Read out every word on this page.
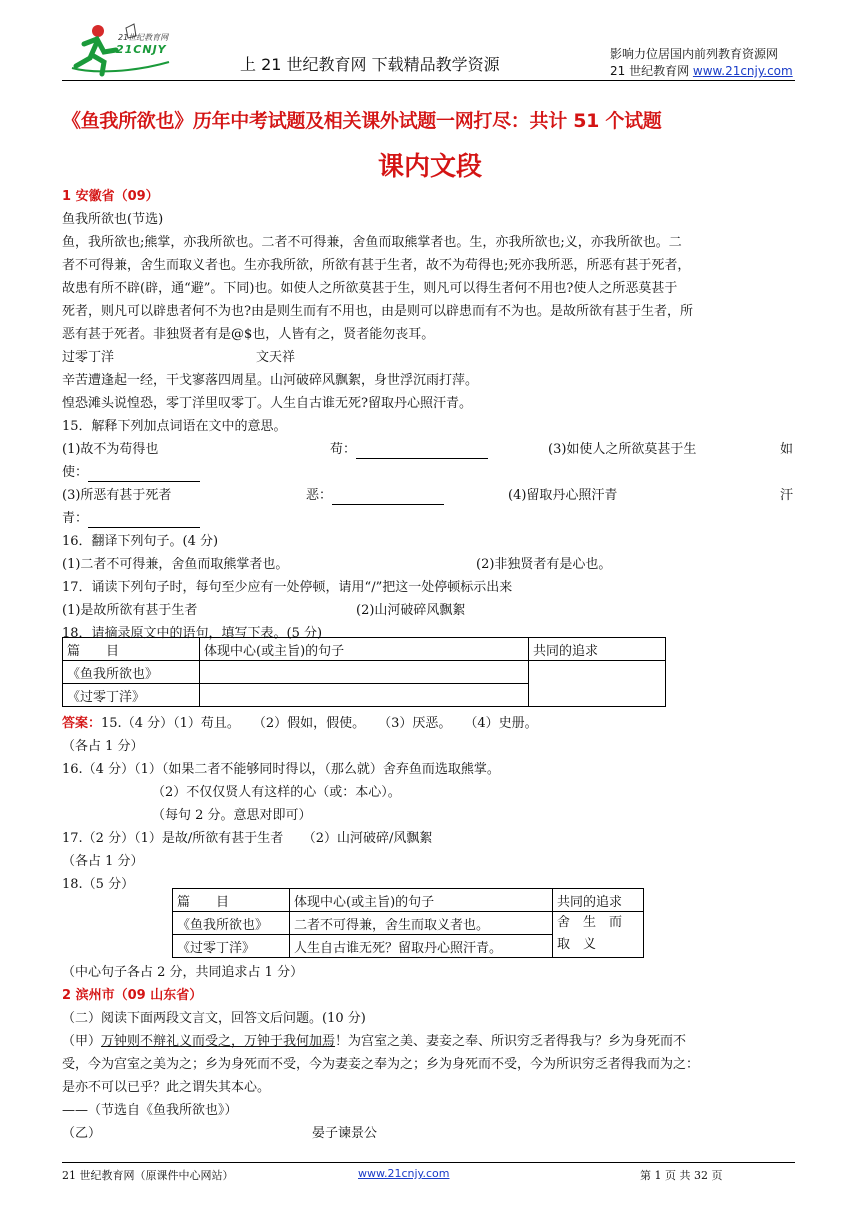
21世纪教育网
21CNJY
上 21 世纪教育网 下载精品教学资源
影响力位居国内前列教育资源网
21 世纪教育网 www.21cnjy.com
《鱼我所欲也》历年中考试题及相关课外试题一网打尽：共计 51 个试题
课内文段
1 安徽省（09）
鱼我所欲也(节选)
鱼，我所欲也;熊掌，亦我所欲也。二者不可得兼，舍鱼而取熊掌者也。生，亦我所欲也;义，亦我所欲也。二
者不可得兼，舍生而取义者也。生亦我所欲，所欲有甚于生者，故不为苟得也;死亦我所恶，所恶有甚于死者，
故患有所不辟(辟，通“避”。下同)也。如使人之所欲莫甚于生，则凡可以得生者何不用也?使人之所恶莫甚于
死者，则凡可以辟患者何不为也?由是则生而有不用也，由是则可以辟患而有不为也。是故所欲有甚于生者，所
恶有甚于死者。非独贤者有是@$也，人皆有之，贤者能勿丧耳。
过零丁洋	文天祥
辛苦遭逢起一经，干戈寥落四周星。山河破碎风飘絮，身世浮沉雨打萍。
惶恐滩头说惶恐，零丁洋里叹零丁。人生自古谁无死?留取丹心照汗青。
15．解释下列加点词语在文中的意思。
(1)故不为苟得也	苟：	(3)如使人之所欲莫甚于生	如
使：
(3)所恶有甚于死者	恶：	(4)留取丹心照汗青	汗
青：
16．翻译下列句子。(4 分)
(1)二者不可得兼，舍鱼而取熊掌者也。	(2)非独贤者有是心也。
17．诵读下列句子时，每句至少应有一处停顿，请用“/”把这一处停顿标示出来
(1)是故所欲有甚于生者	(2)山河破碎风飘絮
18．请摘录原文中的语句，填写下表。(5 分)
篇　　目	体现中心(或主旨)的句子	共同的追求
《鱼我所欲也》		
《过零丁洋》		
答案：15.（4 分）（1）苟且。　　（2）假如，假使。　　（3）厌恶。　　（4）史册。
（各占 1 分）
16.（4 分）（1）（如果二者不能够同时得以，（那么就）舍弃鱼而选取熊掌。
（2）不仅仅贤人有这样的心（或：本心）。
（每句 2 分。意思对即可）
17.（2 分）（1）是故/所欲有甚于生者　　（2）山河破碎/风飘絮
（各占 1 分）
18.（5 分）
篇　　目	体现中心(或主旨)的句子	共同的追求
《鱼我所欲也》	二者不可得兼，舍生而取义者也。	舍　生　而　取　义
《过零丁洋》	人生自古谁无死？留取丹心照汗青。	
（中心句子各占 2 分，共同追求占 1 分）
2 滨州市（09 山东省）
（二）阅读下面两段文言文，回答文后问题。(10 分)
（甲）万钟则不辩礼义而受之，万钟于我何加焉！为宫室之美、妻妾之奉、所识穷乏者得我与？乡为身死而不
受，今为宫室之美为之；乡为身死而不受，今为妻妾之奉为之；乡为身死而不受，今为所识穷乏者得我而为之：
是亦不可以已乎？此之谓失其本心。
——（节选自《鱼我所欲也》）
（乙）	晏子谏景公
21 世纪教育网（原课件中心网站）	www.21cnjy.com	第 1 页 共 32 页
